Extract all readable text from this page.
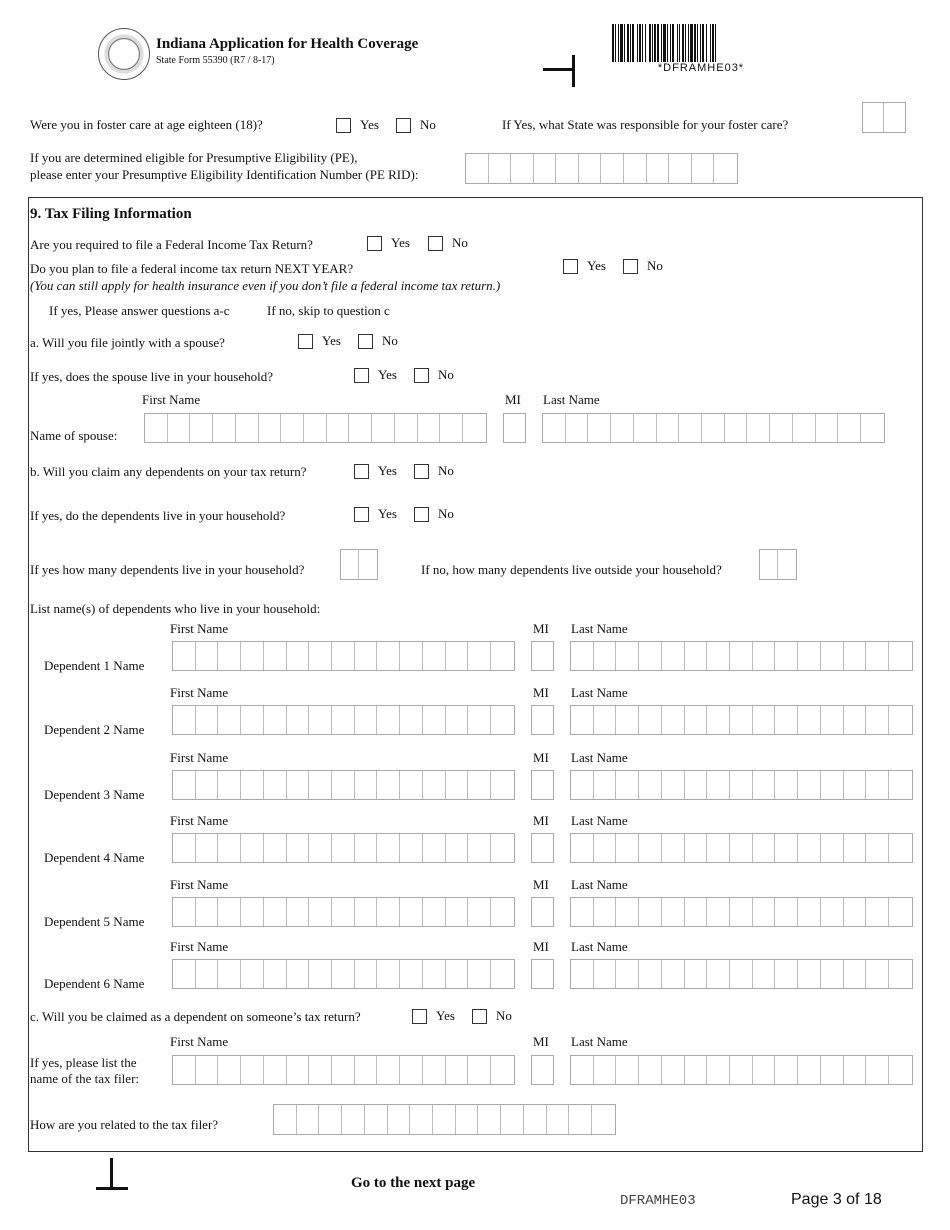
Indiana Application for Health Coverage
State Form 55390 (R7 / 8-17)
*DFRAMHE03*
Were you in foster care at age eighteen (18)?	Yes	No	If Yes, what State was responsible for your foster care?
If you are determined eligible for Presumptive Eligibility (PE),
please enter your Presumptive Eligibility Identification Number (PE RID):
9. Tax Filing Information
Are you required to file a Federal Income Tax Return?	Yes	No
Do you plan to file a federal income tax return NEXT YEAR?
(You can still apply for health insurance even if you don’t file a federal income tax return.)
Yes	No
If yes, Please answer questions a-c	If no, skip to question c
a. Will you file jointly with a spouse?	Yes	No
If yes, does the spouse live in your household?	Yes	No
First Name	MI Last Name
Name of spouse:
b. Will you claim any dependents on your tax return?	Yes	No
If yes, do the dependents live in your household?	Yes	No
If yes how many dependents live in your household?	If no, how many dependents live outside your household?
List name(s) of dependents who live in your household:
First Name	MI Last Name
Dependent 1 Name
First Name	MI Last Name
Dependent 2 Name
First Name	MI Last Name
Dependent 3 Name
First Name	MI Last Name
Dependent 4 Name
First Name	MI Last Name
Dependent 5 Name
First Name	MI Last Name
Dependent 6 Name
c. Will you be claimed as a dependent on someone’s tax return?	Yes	No
First Name	MI Last Name
If yes, please list the
name of the tax filer:
How are you related to the tax filer?
Go to the next page
DFRAMHE03	Page 3 of 18
